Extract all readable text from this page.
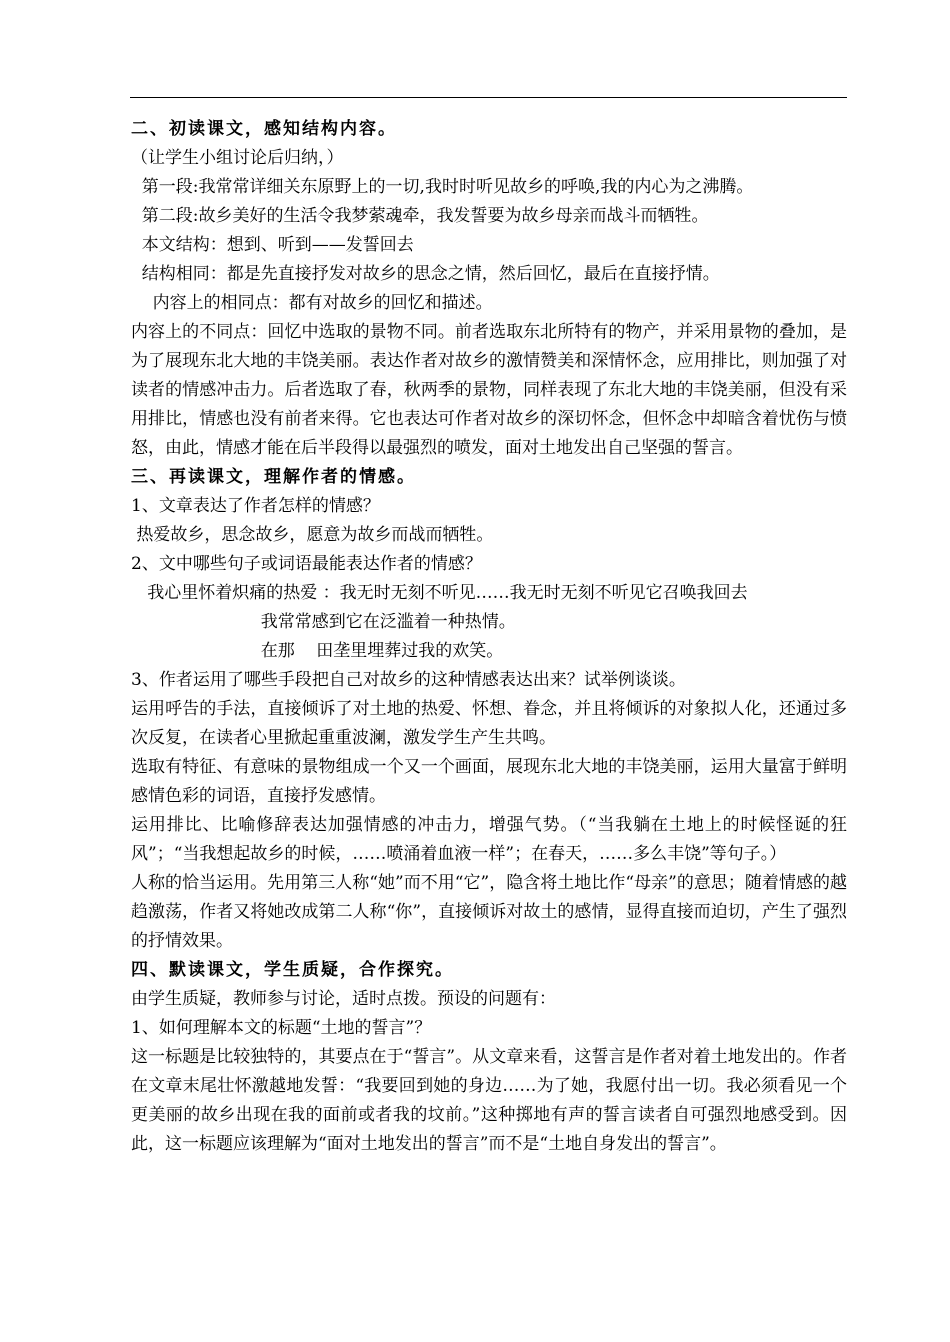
二、初读课文，感知结构内容。
（让学生小组讨论后归纳，）
第一段:我常常详细关东原野上的一切,我时时听见故乡的呼唤,我的内心为之沸腾。
第二段:故乡美好的生活令我梦萦魂牵，我发誓要为故乡母亲而战斗而牺牲。
本文结构：想到、听到——发誓回去
结构相同：都是先直接抒发对故乡的思念之情，然后回忆，最后在直接抒情。
内容上的相同点：都有对故乡的回忆和描述。
内容上的不同点：回忆中选取的景物不同。前者选取东北所特有的物产，并采用景物的叠加，是为了展现东北大地的丰饶美丽。表达作者对故乡的激情赞美和深情怀念，应用排比，则加强了对读者的情感冲击力。后者选取了春，秋两季的景物，同样表现了东北大地的丰饶美丽，但没有采用排比，情感也没有前者来得。它也表达可作者对故乡的深切怀念，但怀念中却暗含着忧伤与愤怒，由此，情感才能在后半段得以最强烈的喷发，面对土地发出自己坚强的誓言。
三、再读课文，理解作者的情感。
1、文章表达了作者怎样的情感？
热爱故乡，思念故乡，愿意为故乡而战而牺牲。
2、文中哪些句子或词语最能表达作者的情感？
我心里怀着炽痛的热爱 ：我无时无刻不听见……我无时无刻不听见它召唤我回去
我常常感到它在泛滥着一种热情。
在那    田垄里埋葬过我的欢笑。
3、作者运用了哪些手段把自己对故乡的这种情感表达出来？试举例谈谈。
运用呼告的手法，直接倾诉了对土地的热爱、怀想、眷念，并且将倾诉的对象拟人化，还通过多次反复，在读者心里掀起重重波澜，激发学生产生共鸣。
选取有特征、有意味的景物组成一个又一个画面，展现东北大地的丰饶美丽，运用大量富于鲜明感情色彩的词语，直接抒发感情。
运用排比、比喻修辞表达加强情感的冲击力，增强气势。（“当我躺在土地上的时候怪诞的狂风”；“当我想起故乡的时候，……喷涌着血液一样”；在春天，……多么丰饶”等句子。）
人称的恰当运用。先用第三人称“她”而不用“它”，隐含将土地比作“母亲”的意思；随着情感的越趋激荡，作者又将她改成第二人称“你”，直接倾诉对故土的感情，显得直接而迫切，产生了强烈的抒情效果。
四、默读课文，学生质疑，合作探究。
由学生质疑，教师参与讨论，适时点拨。预设的问题有：
1、如何理解本文的标题“土地的誓言”？
这一标题是比较独特的，其要点在于“誓言”。从文章来看，这誓言是作者对着土地发出的。作者在文章末尾壮怀激越地发誓：“我要回到她的身边……为了她，我愿付出一切。我必须看见一个更美丽的故乡出现在我的面前或者我的坟前。”这种掷地有声的誓言读者自可强烈地感受到。因此，这一标题应该理解为“面对土地发出的誓言”而不是“土地自身发出的誓言”。
